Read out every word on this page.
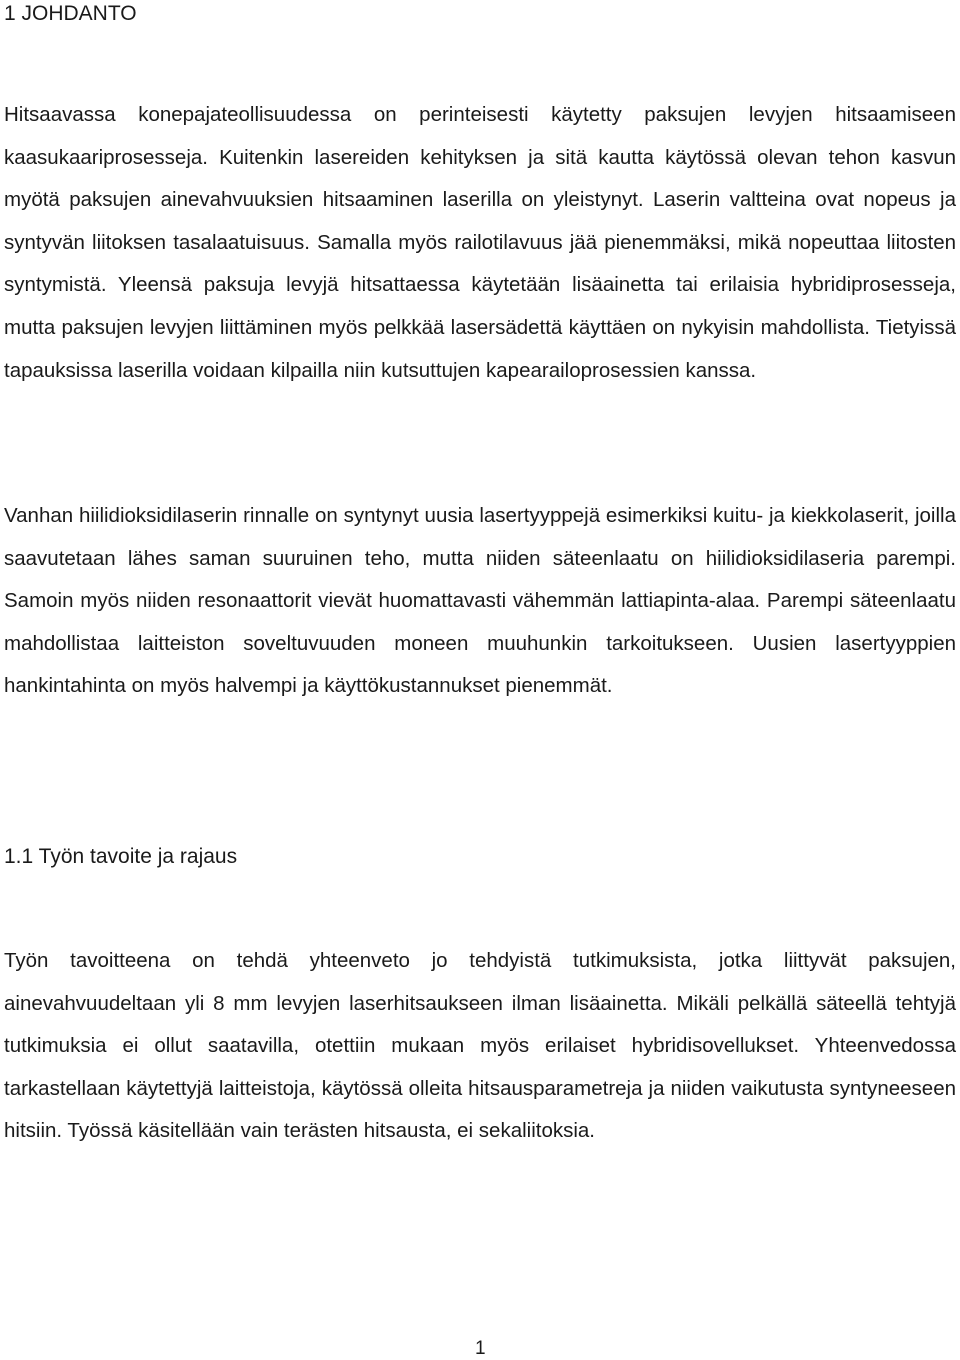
1 JOHDANTO

Hitsaavassa konepajateollisuudessa on perinteisesti käytetty paksujen levyjen hitsaamiseen kaasukaariprosesseja. Kuitenkin lasereiden kehityksen ja sitä kautta käytössä olevan tehon kasvun myötä paksujen ainevahvuuksien hitsaaminen laserilla on yleistynyt. Laserin valtteina ovat nopeus ja syntyvän liitoksen tasalaatuisuus. Samalla myös railotilavuus jää pienemmäksi, mikä nopeuttaa liitosten syntymistä. Yleensä paksuja levyjä hitsattaessa käytetään lisäainetta tai erilaisia hybridiprosesseja, mutta paksujen levyjen liittäminen myös pelkkää lasersädettä käyttäen on nykyisin mahdollista. Tietyissä tapauksissa laserilla voidaan kilpailla niin kutsuttujen kapearailoprosessien kanssa.

Vanhan hiilidioksidilaserin rinnalle on syntynyt uusia lasertyyppejä esimerkiksi kuitu- ja kiekkolaserit, joilla saavutetaan lähes saman suuruinen teho, mutta niiden säteenlaatu on hiilidioksidilaseria parempi. Samoin myös niiden resonaattorit vievät huomattavasti vähemmän lattiapinta-alaa. Parempi säteenlaatu mahdollistaa laitteiston soveltuvuuden moneen muuhunkin tarkoitukseen. Uusien lasertyyppien hankintahinta on myös halvempi ja käyttökustannukset pienemmät.

1.1 Työn tavoite ja rajaus

Työn tavoitteena on tehdä yhteenveto jo tehdyistä tutkimuksista, jotka liittyvät paksujen, ainevahvuudeltaan yli 8 mm levyjen laserhitsaukseen ilman lisäainetta. Mikäli pelkällä säteellä tehtyjä tutkimuksia ei ollut saatavilla, otettiin mukaan myös erilaiset hybridisovellukset. Yhteenvedossa tarkastellaan käytettyjä laitteistoja, käytössä olleita hitsausparametreja ja niiden vaikutusta syntyneeseen hitsiin. Työssä käsitellään vain terästen hitsausta, ei sekaliitoksia.

1
